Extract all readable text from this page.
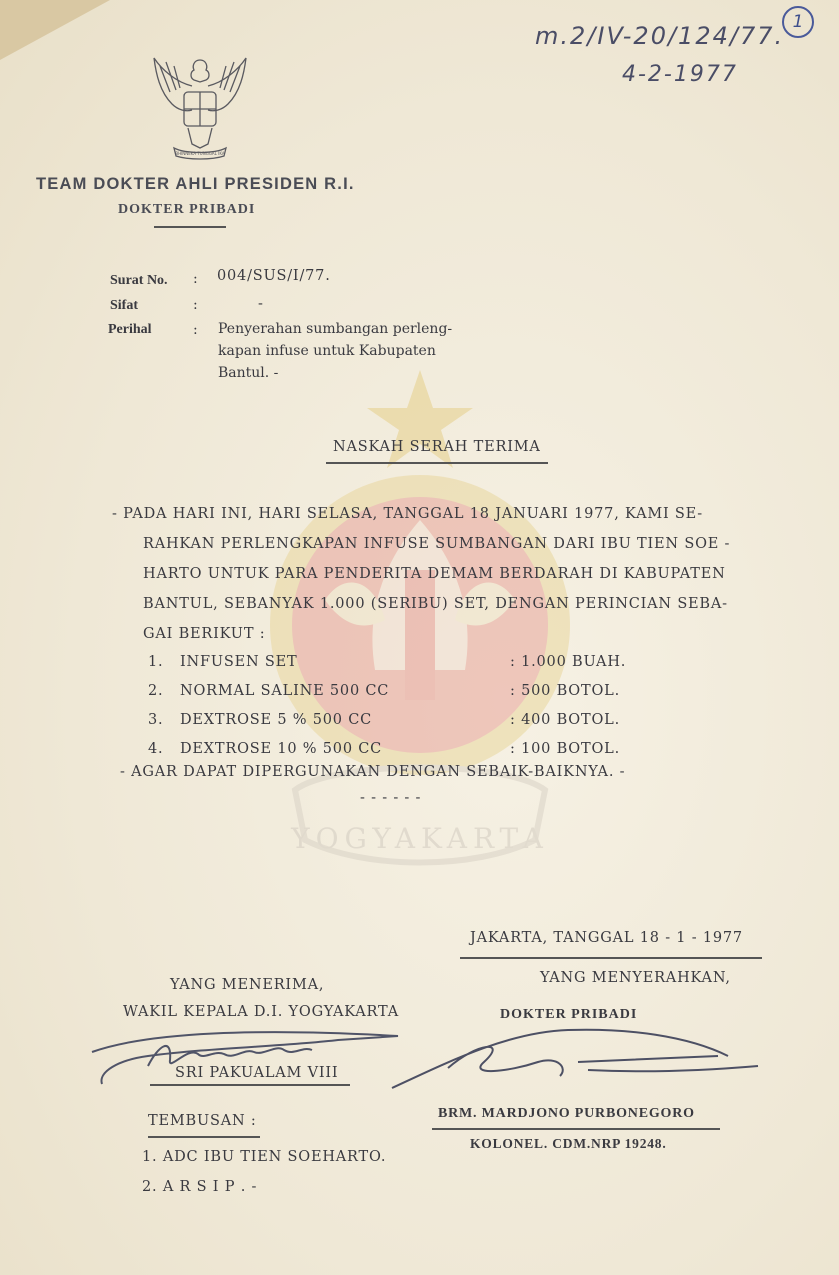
m.2/IV-20/124/77.
4-2-1977
1
BHINNEKA TUNGGAL IKA
TEAM DOKTER AHLI PRESIDEN R.I.
DOKTER PRIBADI
Surat No. : 004/SUS/I/77.
Sifat	:	-
Perihal	: Penyerahan sumbangan perleng-
kapan infuse untuk Kabupaten
Bantul. -
YOGYAKARTA
NASKAH SERAH TERIMA
- PADA HARI INI, HARI SELASA, TANGGAL 18 JANUARI 1977, KAMI SE-
RAHKAN PERLENGKAPAN INFUSE SUMBANGAN DARI IBU TIEN SOE -
HARTO UNTUK PARA PENDERITA DEMAM BERDARAH DI KABUPATEN
BANTUL, SEBANYAK 1.000 (SERIBU) SET, DENGAN PERINCIAN SEBA-
GAI BERIKUT :
1. INFUSEN SET	: 1.000 BUAH.
2. NORMAL SALINE 500 CC	: 500 BOTOL.
3. DEXTROSE 5 % 500 CC	: 400 BOTOL.
4. DEXTROSE 10 % 500 CC	: 100 BOTOL.
- AGAR DAPAT DIPERGUNAKAN DENGAN SEBAIK-BAIKNYA. -
- - - - - -
JAKARTA, TANGGAL 18 - 1 - 1977
YANG MENERIMA,
WAKIL KEPALA D.I. YOGYAKARTA
SRI PAKUALAM VIII
YANG MENYERAHKAN,
DOKTER PRIBADI
BRM. MARDJONO PURBONEGORO
KOLONEL. CDM.NRP 19248.
TEMBUSAN :
1. ADC IBU TIEN SOEHARTO.
2. A R S I P . -
